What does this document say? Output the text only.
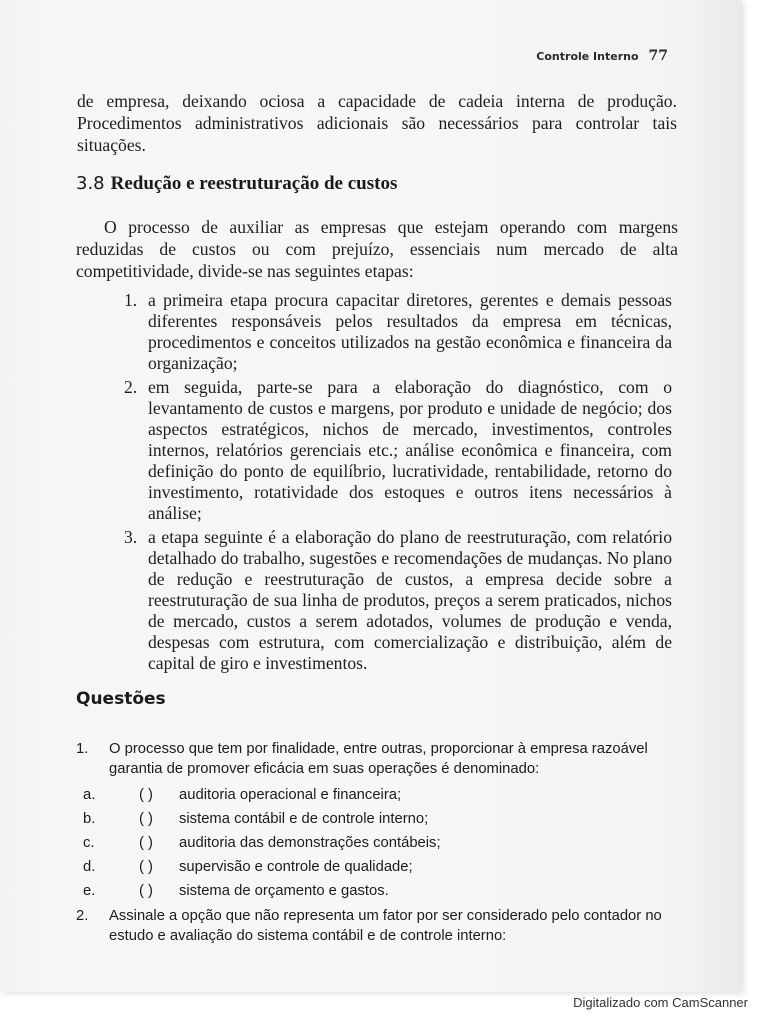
Controle Interno 77

de empresa, deixando ociosa a capacidade de cadeia interna de produção. Procedimentos administrativos adicionais são necessários para controlar tais situações.

3.8 Redução e reestruturação de custos

O processo de auxiliar as empresas que estejam operando com margens reduzidas de custos ou com prejuízo, essenciais num mercado de alta competitividade, divide-se nas seguintes etapas:

1. a primeira etapa procura capacitar diretores, gerentes e demais pessoas diferentes responsáveis pelos resultados da empresa em técnicas, procedimentos e conceitos utilizados na gestão econômica e financeira da organização;
2. em seguida, parte-se para a elaboração do diagnóstico, com o levantamento de custos e margens, por produto e unidade de negócio; dos aspectos estratégicos, nichos de mercado, investimentos, controles internos, relatórios gerenciais etc.; análise econômica e financeira, com definição do ponto de equilíbrio, lucratividade, rentabilidade, retorno do investimento, rotatividade dos estoques e outros itens necessários à análise;
3. a etapa seguinte é a elaboração do plano de reestruturação, com relatório detalhado do trabalho, sugestões e recomendações de mudanças. No plano de redução e reestruturação de custos, a empresa decide sobre a reestruturação de sua linha de produtos, preços a serem praticados, nichos de mercado, custos a serem adotados, volumes de produção e venda, despesas com estrutura, com comercialização e distribuição, além de capital de giro e investimentos.
Questões
1. O processo que tem por finalidade, entre outras, proporcionar à empresa razoável garantia de promover eficácia em suas operações é denominado:
a.	( ) auditoria operacional e financeira;
b.	( ) sistema contábil e de controle interno;
c.	( ) auditoria das demonstrações contábeis;
d.	( ) supervisão e controle de qualidade;
e.	( ) sistema de orçamento e gastos.
2. Assinale a opção que não representa um fator por ser considerado pelo contador no estudo e avaliação do sistema contábil e de controle interno:
Digitalizado com CamScanner
